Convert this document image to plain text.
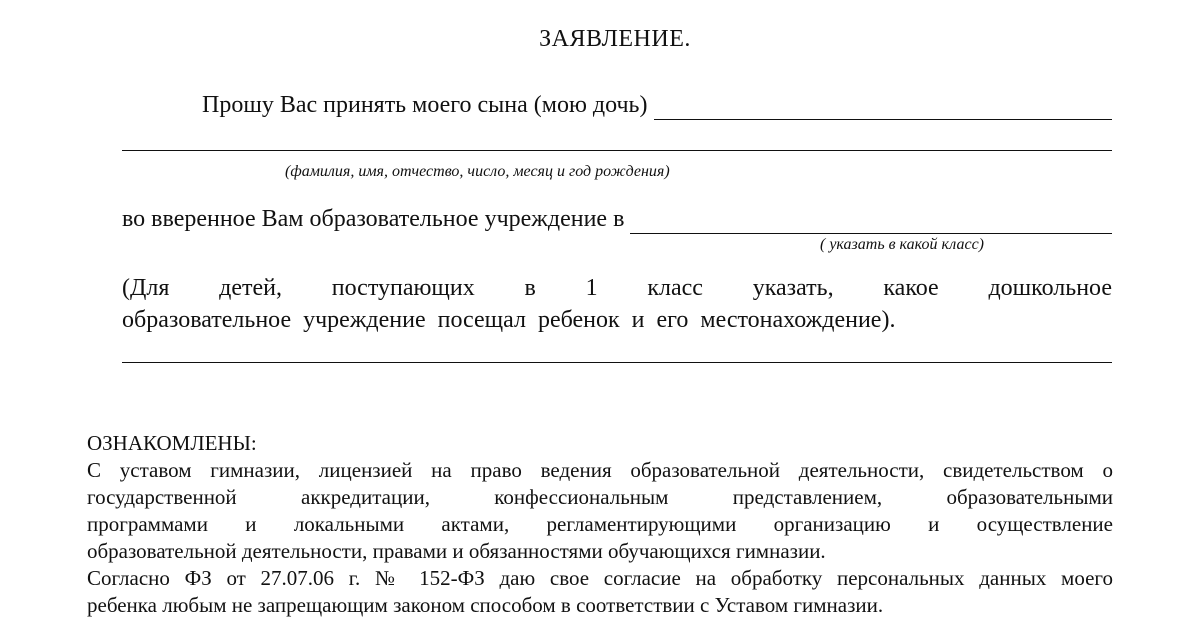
ЗАЯВЛЕНИЕ.
Прошу Вас принять моего сына (мою дочь)
(фамилия, имя, отчество, число, месяц и год рождения)
во вверенное Вам образовательное учреждение в
( указать в какой класс)
(Для детей, поступающих в 1 класс указать, какое дошкольное
образовательное учреждение посещал ребенок и его местонахождение).
ОЗНАКОМЛЕНЫ:
С уставом гимназии, лицензией на право ведения образовательной деятельности, свидетельством о
государственной аккредитации, конфессиональным представлением, образовательными
программами и локальными актами, регламентирующими организацию и осуществление
образовательной деятельности, правами и обязанностями обучающихся гимназии.
Согласно ФЗ от 27.07.06 г. № 152-ФЗ даю свое согласие на обработку персональных данных моего
ребенка любым не запрещающим законом способом в соответствии с Уставом гимназии.
